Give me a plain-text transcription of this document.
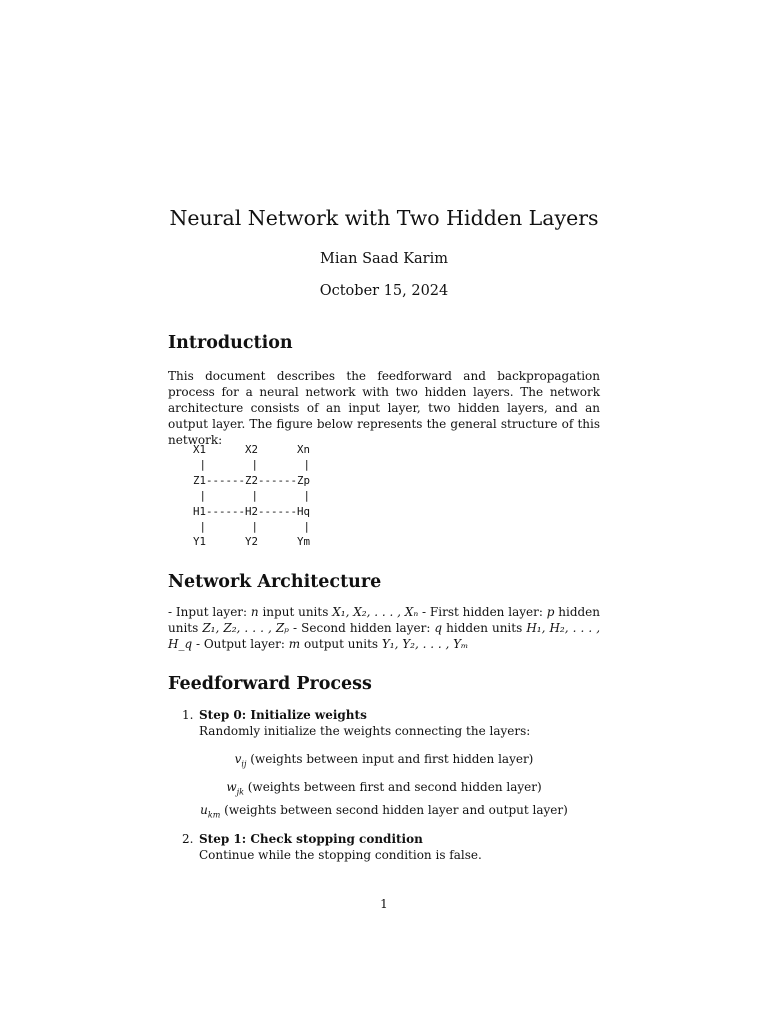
Neural Network with Two Hidden Layers
Mian Saad Karim
October 15, 2024
Introduction

This document describes the feedforward and backpropagation process for a neural network with two hidden layers. The network architecture consists of an input layer, two hidden layers, and an output layer. The figure below represents the general structure of this network:

X1      X2      Xn
|       |       |
Z1------Z2------Zp
|       |       |
H1------H2------Hq
|       |       |
Y1      Y2      Ym
Network Architecture

- Input layer: n input units X₁, X₂, . . . , Xₙ - First hidden layer: p hidden units Z₁, Z₂, . . . , Zₚ - Second hidden layer: q hidden units H₁, H₂, . . . , H_q - Output layer: m output units Y₁, Y₂, . . . , Yₘ

Feedforward Process
1. Step 0: Initialize weights
Randomly initialize the weights connecting the layers:
$v_{ij}$ (weights between input and first hidden layer)
$w_{jk}$ (weights between first and second hidden layer)
$u_{km}$ (weights between second hidden layer and output layer)
2. Step 1: Check stopping condition
Continue while the stopping condition is false.
1
